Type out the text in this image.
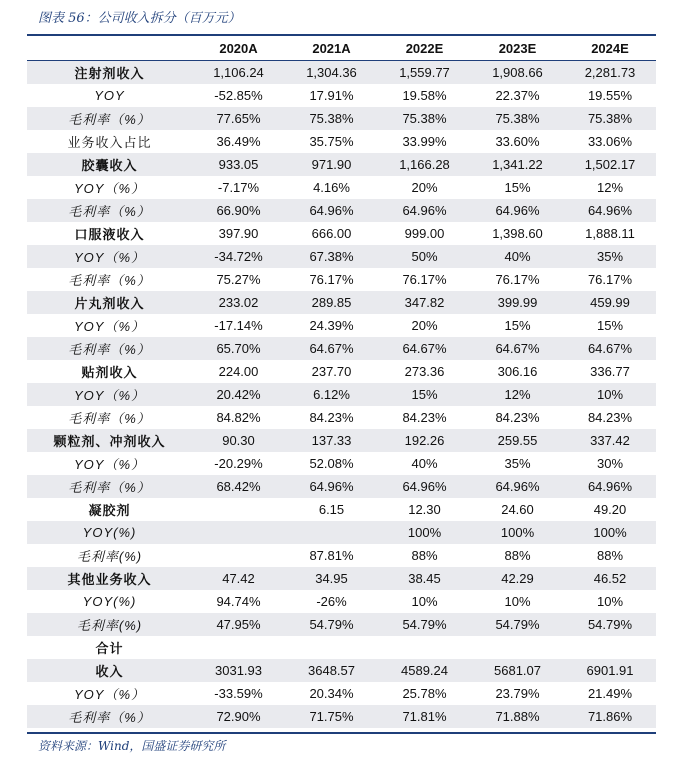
图表 56：公司收入拆分（百万元）
	2020A	2021A	2022E	2023E	2024E
注射剂收入	1,106.24	1,304.36	1,559.77	1,908.66	2,281.73
YOY	-52.85%	17.91%	19.58%	22.37%	19.55%
毛利率（%）	77.65%	75.38%	75.38%	75.38%	75.38%
业务收入占比	36.49%	35.75%	33.99%	33.60%	33.06%
胶囊收入	933.05	971.90	1,166.28	1,341.22	1,502.17
YOY（%）	-7.17%	4.16%	20%	15%	12%
毛利率（%）	66.90%	64.96%	64.96%	64.96%	64.96%
口服液收入	397.90	666.00	999.00	1,398.60	1,888.11
YOY（%）	-34.72%	67.38%	50%	40%	35%
毛利率（%）	75.27%	76.17%	76.17%	76.17%	76.17%
片丸剂收入	233.02	289.85	347.82	399.99	459.99
YOY（%）	-17.14%	24.39%	20%	15%	15%
毛利率（%）	65.70%	64.67%	64.67%	64.67%	64.67%
贴剂收入	224.00	237.70	273.36	306.16	336.77
YOY（%）	20.42%	6.12%	15%	12%	10%
毛利率（%）	84.82%	84.23%	84.23%	84.23%	84.23%
颗粒剂、冲剂收入	90.30	137.33	192.26	259.55	337.42
YOY（%）	-20.29%	52.08%	40%	35%	30%
毛利率（%）	68.42%	64.96%	64.96%	64.96%	64.96%
凝胶剂		6.15	12.30	24.60	49.20
YOY(%)			100%	100%	100%
毛利率(%)		87.81%	88%	88%	88%
其他业务收入	47.42	34.95	38.45	42.29	46.52
YOY(%)	94.74%	-26%	10%	10%	10%
毛利率(%)	47.95%	54.79%	54.79%	54.79%	54.79%
合计					
收入	3031.93	3648.57	4589.24	5681.07	6901.91
YOY（%）	-33.59%	20.34%	25.78%	23.79%	21.49%
毛利率（%）	72.90%	71.75%	71.81%	71.88%	71.86%
资料来源：Wind，国盛证券研究所
